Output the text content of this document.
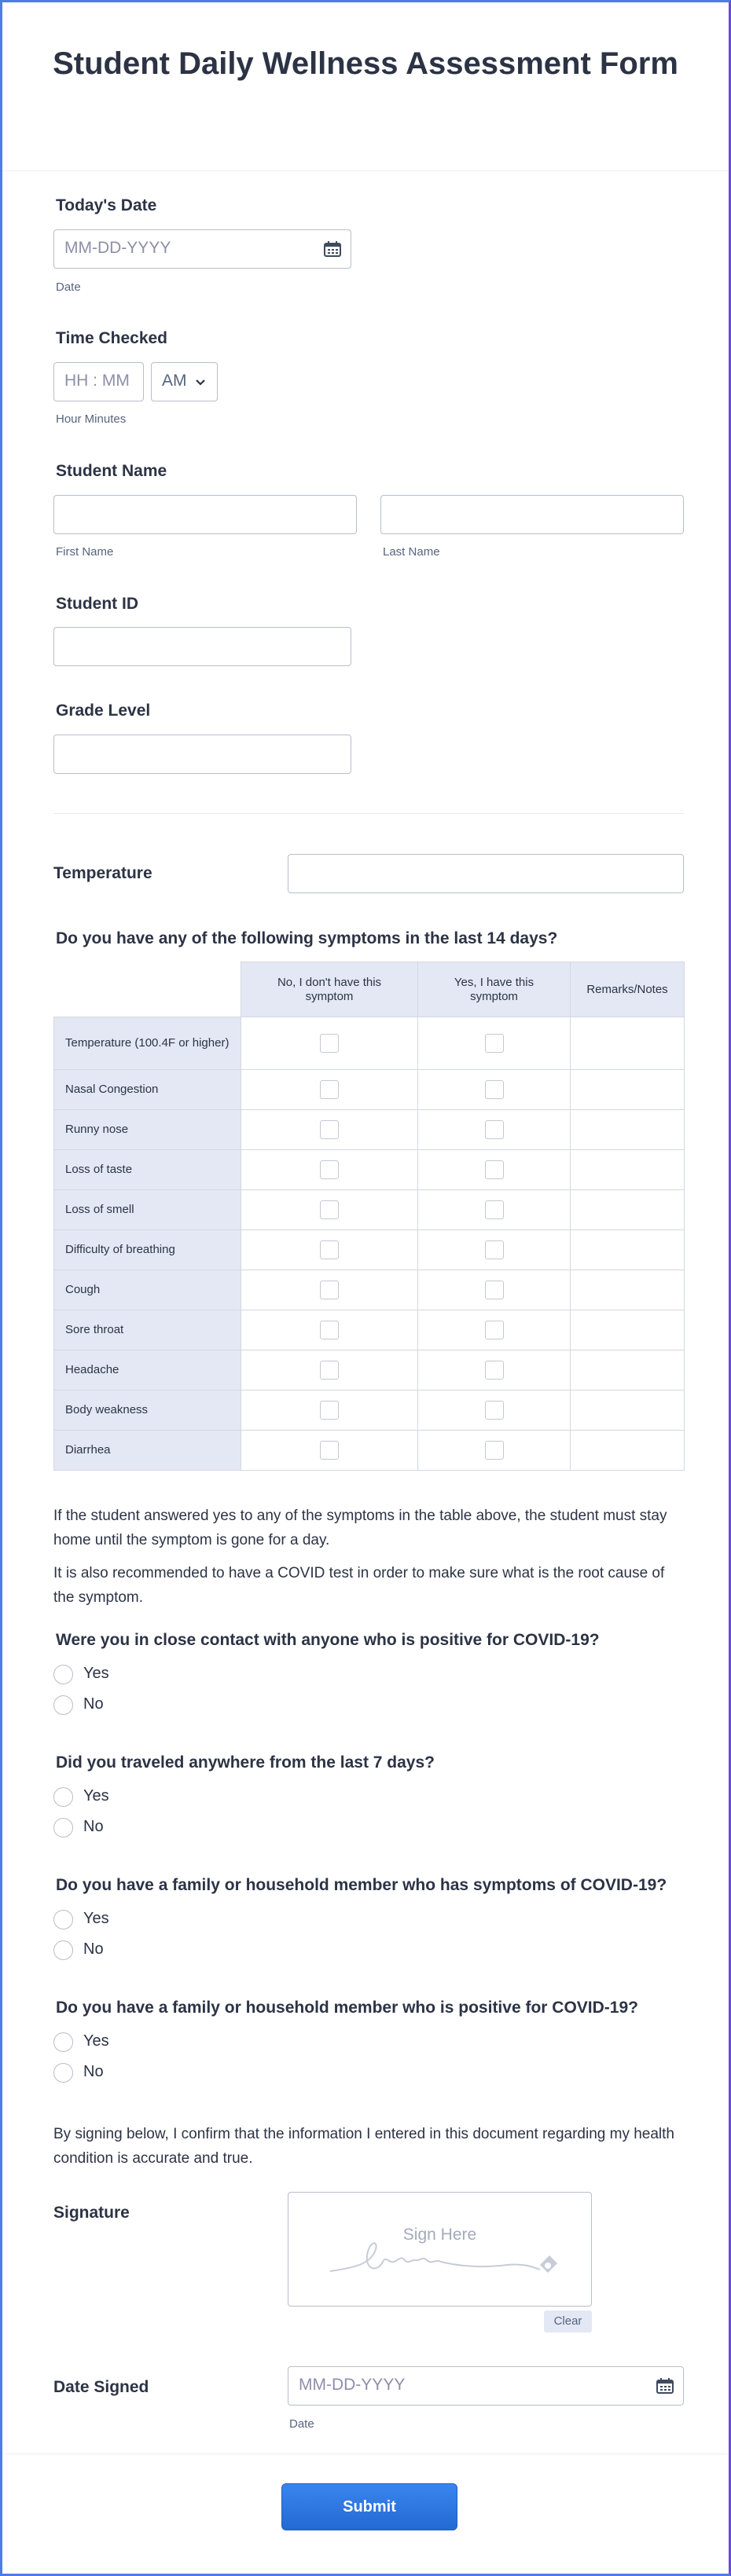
Student Daily Wellness Assessment Form
Today's Date
MM-DD-YYYY
Date
Time Checked
HH : MM AM
Hour Minutes
Student Name
First Name	Last Name
Student ID
Grade Level
Temperature
Do you have any of the following symptoms in the last 14 days?
	No, I don't have this symptom	Yes, I have this symptom	Remarks/Notes
Temperature (100.4F or higher)			
Nasal Congestion			
Runny nose			
Loss of taste			
Loss of smell			
Difficulty of breathing			
Cough			
Sore throat			
Headache			
Body weakness			
Diarrhea			
If the student answered yes to any of the symptoms in the table above, the student must stay home until the symptom is gone for a day.
It is also recommended to have a COVID test in order to make sure what is the root cause of the symptom.
Were you in close contact with anyone who is positive for COVID-19?
Yes
No
Did you traveled anywhere from the last 7 days?
Yes
No
Do you have a family or household member who has symptoms of COVID-19?
Yes
No
Do you have a family or household member who is positive for COVID-19?
Yes
No
By signing below, I confirm that the information I entered in this document regarding my health condition is accurate and true.
Signature
Sign Here
Clear
Date Signed	MM-DD-YYYY
Date
Submit
